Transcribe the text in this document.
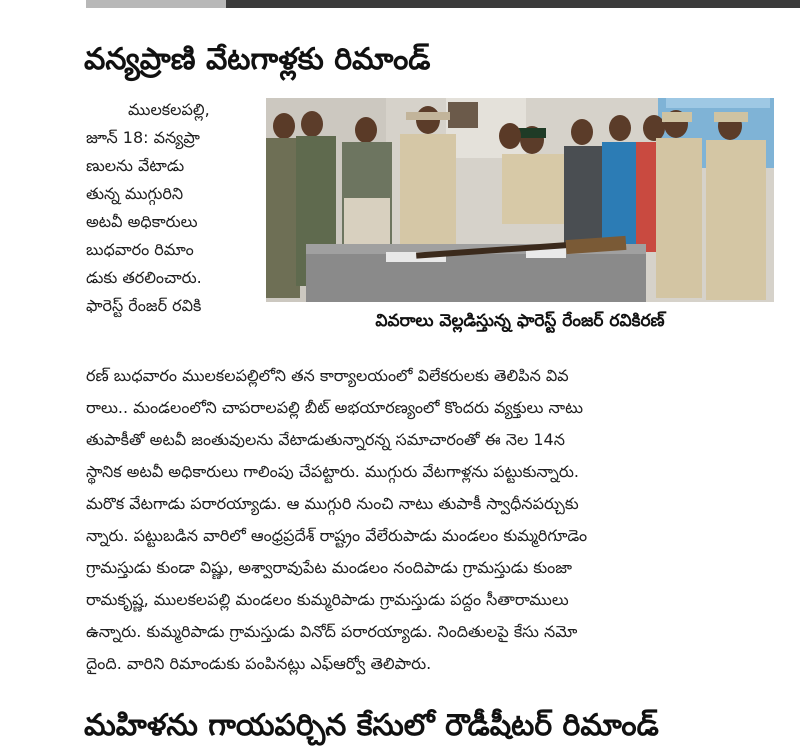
వన్యప్రాణి వేటగాళ్లకు రిమాండ్
ములకలపల్లి,
జూన్ 18: వన్యప్రా
ణులను వేటాడు
తున్న ముగ్గురిని
అటవీ అధికారులు
బుధవారం రిమాం
డుకు తరలించారు.
ఫారెస్ట్ రేంజర్ రవికి
వివరాలు వెల్లడిస్తున్న ఫారెస్ట్ రేంజర్ రవికిరణ్
రణ్ బుధవారం ములకలపల్లిలోని తన కార్యాలయంలో విలేకరులకు తెలిపిన వివ
రాలు.. మండలంలోని చాపరాలపల్లి బీట్ అభయారణ్యంలో కొందరు వ్యక్తులు నాటు
తుపాకీతో అటవీ జంతువులను వేటాడుతున్నారన్న సమాచారంతో ఈ నెల 14న
స్థానిక అటవీ అధికారులు గాలింపు చేపట్టారు. ముగ్గురు వేటగాళ్లను పట్టుకున్నారు.
మరొక వేటగాడు పరారయ్యాడు. ఆ ముగ్గురి నుంచి నాటు తుపాకీ స్వాధీనపర్చుకు
న్నారు. పట్టుబడిన వారిలో ఆంధ్రప్రదేశ్ రాష్ట్రం వేలేరుపాడు మండలం కుమ్మరిగూడెం
గ్రామస్తుడు కుండా విష్ణు, అశ్వారావుపేట మండలం నందిపాడు గ్రామస్తుడు కుంజా
రామకృష్ణ, ములకలపల్లి మండలం కుమ్మరిపాడు గ్రామస్తుడు పద్దం సీతారాములు
ఉన్నారు. కుమ్మరిపాడు గ్రామస్తుడు వినోద్ పరారయ్యాడు. నిందితులపై కేసు నమో
దైంది. వారిని రిమాండుకు పంపినట్లు ఎఫ్ఆర్వో తెలిపారు.
మహిళను గాయపర్చిన కేసులో రౌడీషీటర్ రిమాండ్
